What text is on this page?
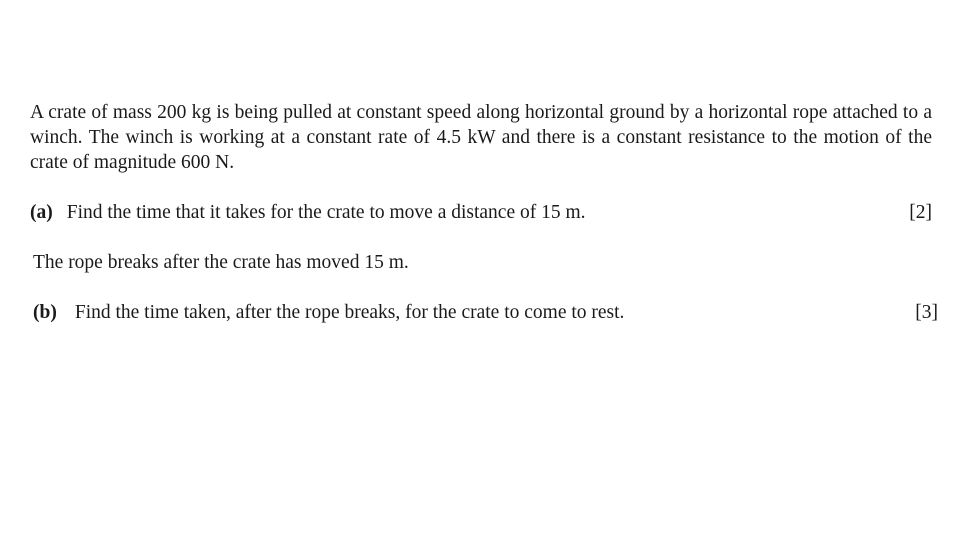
A crate of mass 200 kg is being pulled at constant speed along horizontal ground by a horizontal rope attached to a winch. The winch is working at a constant rate of 4.5 kW and there is a constant resistance to the motion of the crate of magnitude 600 N.

(a) Find the time that it takes for the crate to move a distance of 15 m.	[2]
The rope breaks after the crate has moved 15 m.
(b) Find the time taken, after the rope breaks, for the crate to come to rest.	[3]
